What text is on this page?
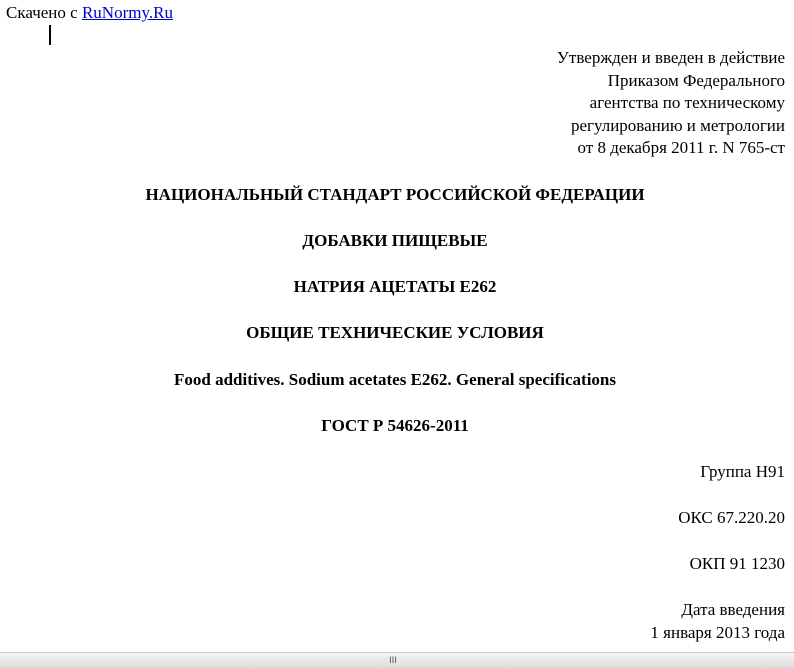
Скачено с RuNormy.Ru
Утвержден и введен в действие
Приказом Федерального
агентства по техническому
регулированию и метрологии
от 8 декабря 2011 г. N 765-ст
НАЦИОНАЛЬНЫЙ СТАНДАРТ РОССИЙСКОЙ ФЕДЕРАЦИИ
ДОБАВКИ ПИЩЕВЫЕ
НАТРИЯ АЦЕТАТЫ Е262
ОБЩИЕ ТЕХНИЧЕСКИЕ УСЛОВИЯ
Food additives. Sodium acetates E262. General specifications
ГОСТ Р 54626-2011
Группа Н91
ОКС 67.220.20
ОКП 91 1230
Дата введения
1 января 2013 года
III
